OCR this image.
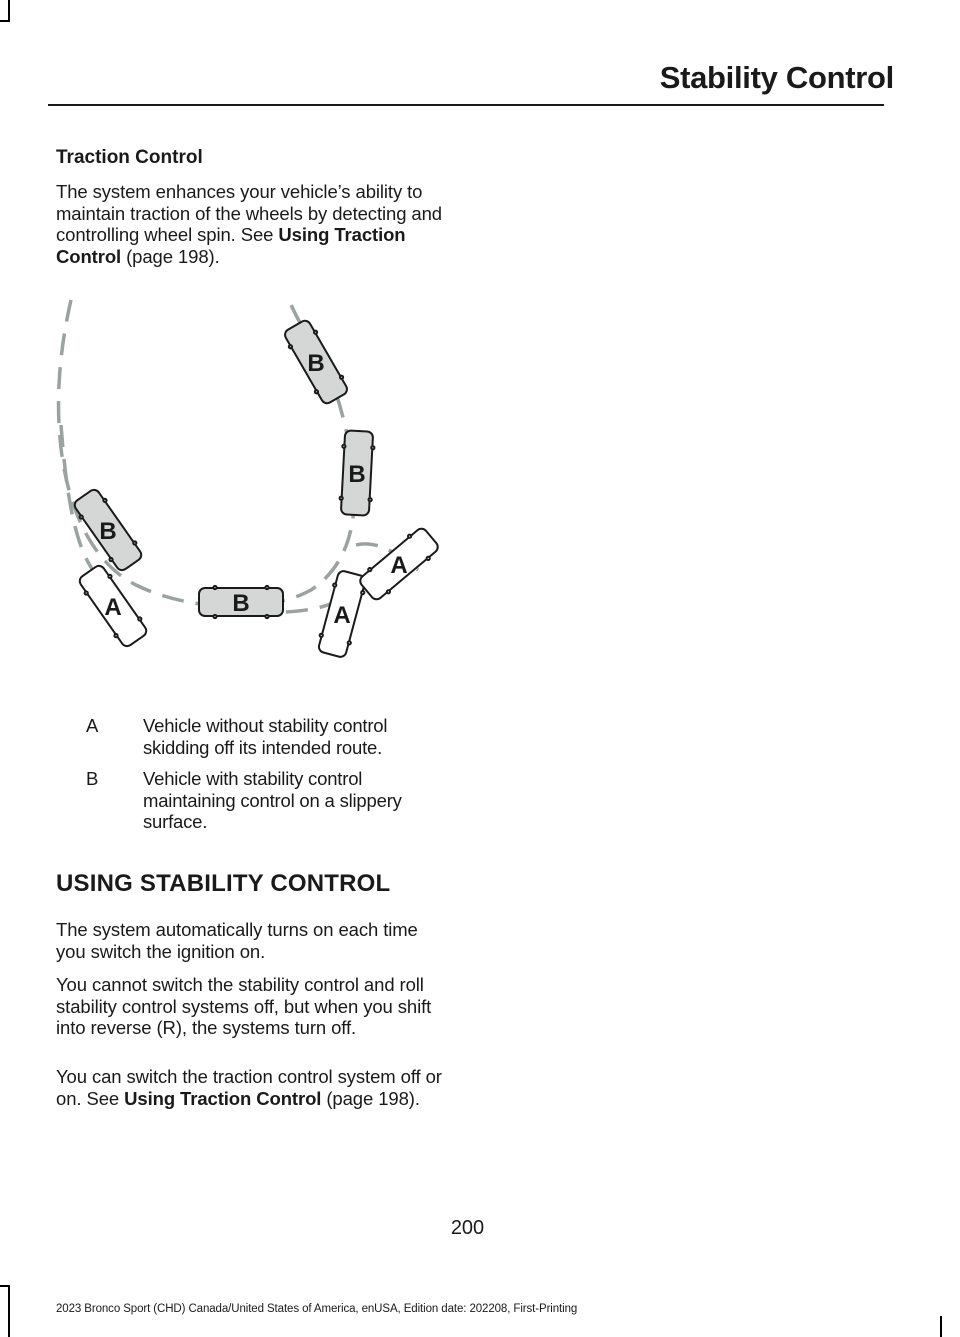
Stability Control
Traction Control

The system enhances your vehicle’s ability to maintain traction of the wheels by detecting and controlling wheel spin. See Using Traction Control (page 198).

B
B
B
B
A	A
A
A Vehicle without stability control skidding off its intended route.
B Vehicle with stability control maintaining control on a slippery surface.
USING STABILITY CONTROL

The system automatically turns on each time you switch the ignition on.

You cannot switch the stability control and roll stability control systems off, but when you shift into reverse (R), the systems turn off.

You can switch the traction control system off or on. See Using Traction Control (page 198).

200
2023 Bronco Sport (CHD) Canada/United States of America, enUSA, Edition date: 202208, First-Printing
